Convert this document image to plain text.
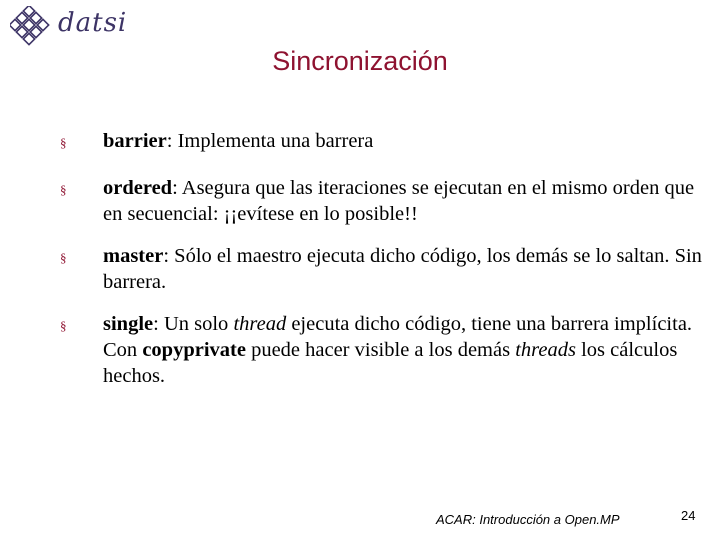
datsi
Sincronización
§ barrier: Implementa una barrera
§ ordered: Asegura que las iteraciones se ejecutan en el mismo orden que en secuencial: ¡¡evítese en lo posible!!
§ master: Sólo el maestro ejecuta dicho código, los demás se lo saltan. Sin barrera.
§ single: Un solo thread ejecuta dicho código, tiene una barrera implícita. Con copyprivate puede hacer visible a los demás threads los cálculos hechos.
ACAR: Introducción a Open.MP	24
